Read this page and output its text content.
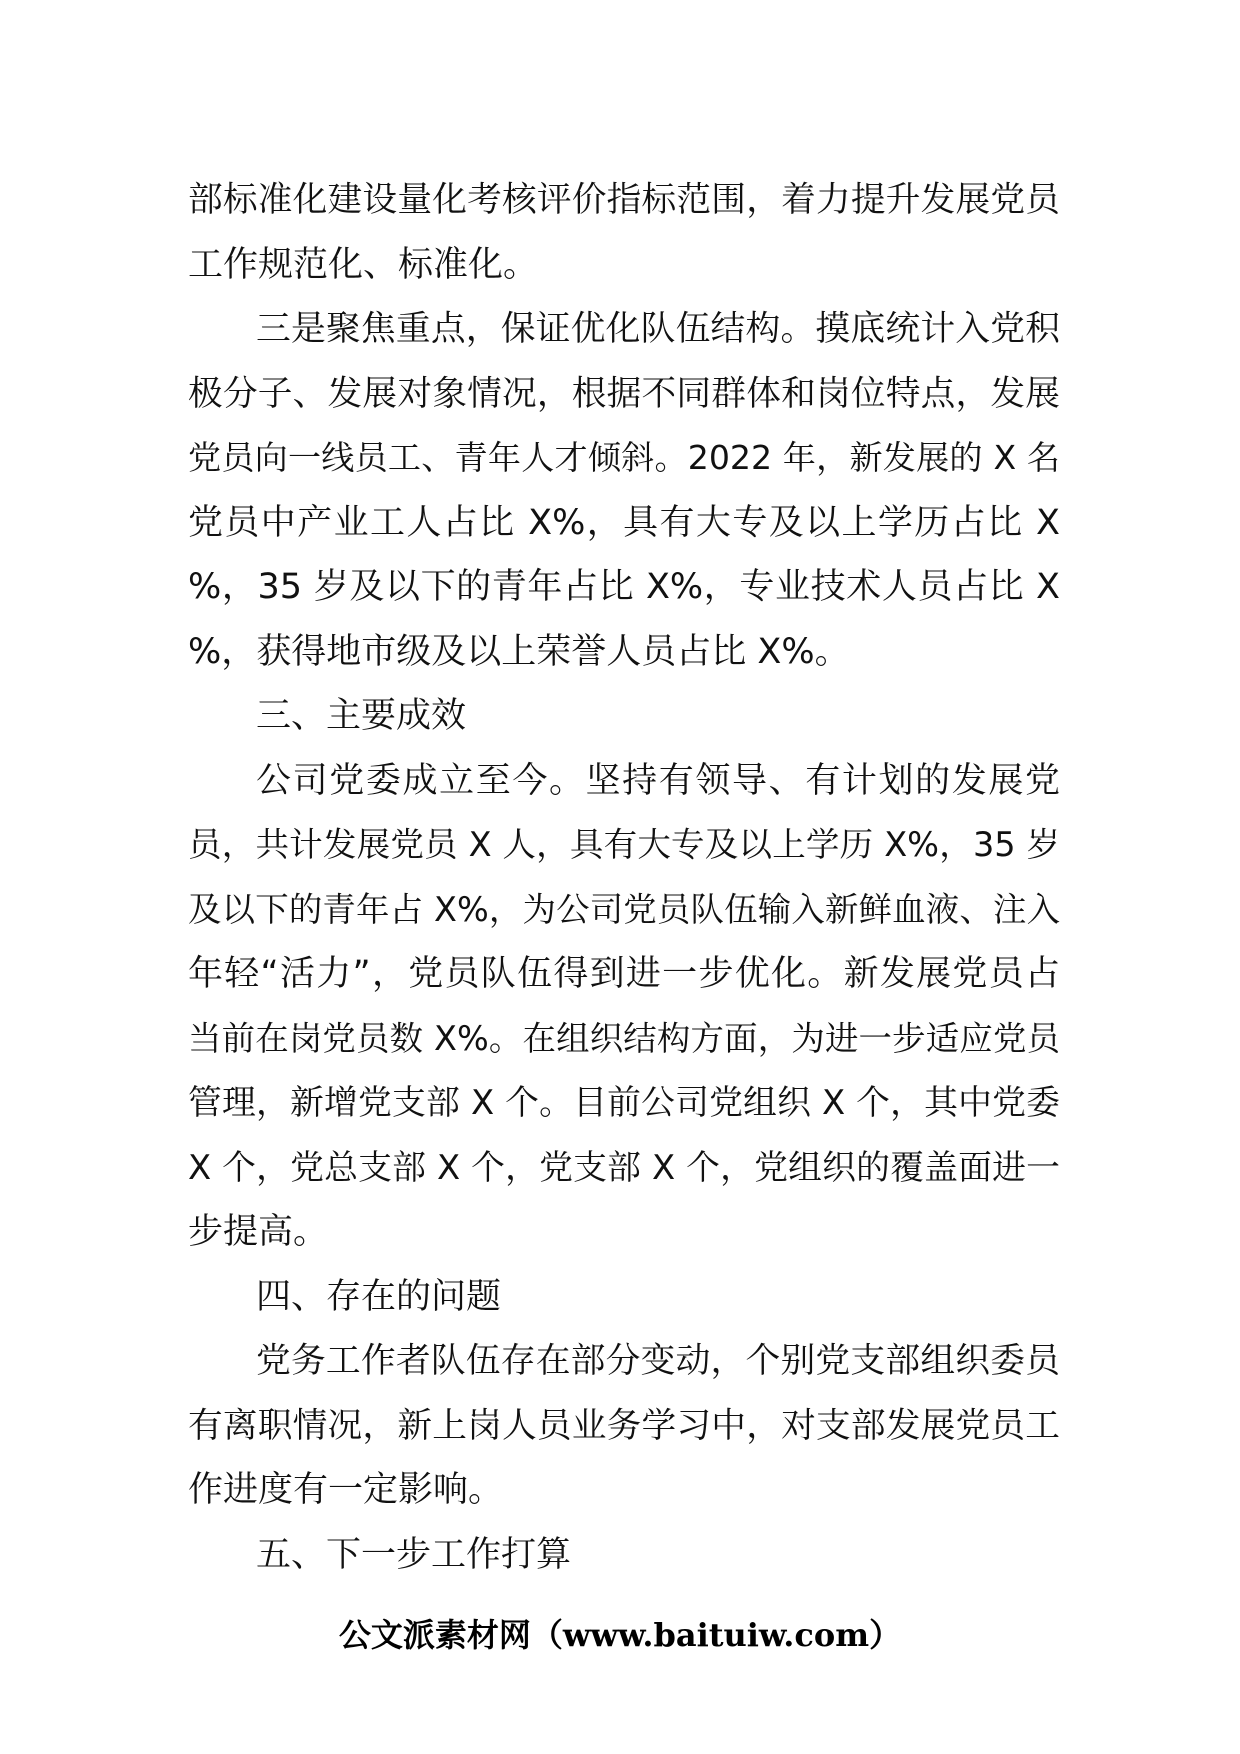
部标准化建设量化考核评价指标范围，着力提升发展党员
工作规范化、标准化。
三是聚焦重点，保证优化队伍结构。摸底统计入党积
极分子、发展对象情况，根据不同群体和岗位特点，发展
党员向一线员工、青年人才倾斜。2022 年，新发展的 X 名
党员中产业工人占比 X%，具有大专及以上学历占比 X
%，35 岁及以下的青年占比 X%，专业技术人员占比 X
%，获得地市级及以上荣誉人员占比 X%。
三、主要成效
公司党委成立至今。坚持有领导、有计划的发展党
员，共计发展党员 X 人，具有大专及以上学历 X%，35 岁
及以下的青年占 X%，为公司党员队伍输入新鲜血液、注入
年轻“活力”，党员队伍得到进一步优化。新发展党员占
当前在岗党员数 X%。在组织结构方面，为进一步适应党员
管理，新增党支部 X 个。目前公司党组织 X 个，其中党委
X 个，党总支部 X 个，党支部 X 个，党组织的覆盖面进一
步提高。
四、存在的问题
党务工作者队伍存在部分变动，个别党支部组织委员
有离职情况，新上岗人员业务学习中，对支部发展党员工
作进度有一定影响。
五、下一步工作打算
公文派素材网（www.baituiw.com）
